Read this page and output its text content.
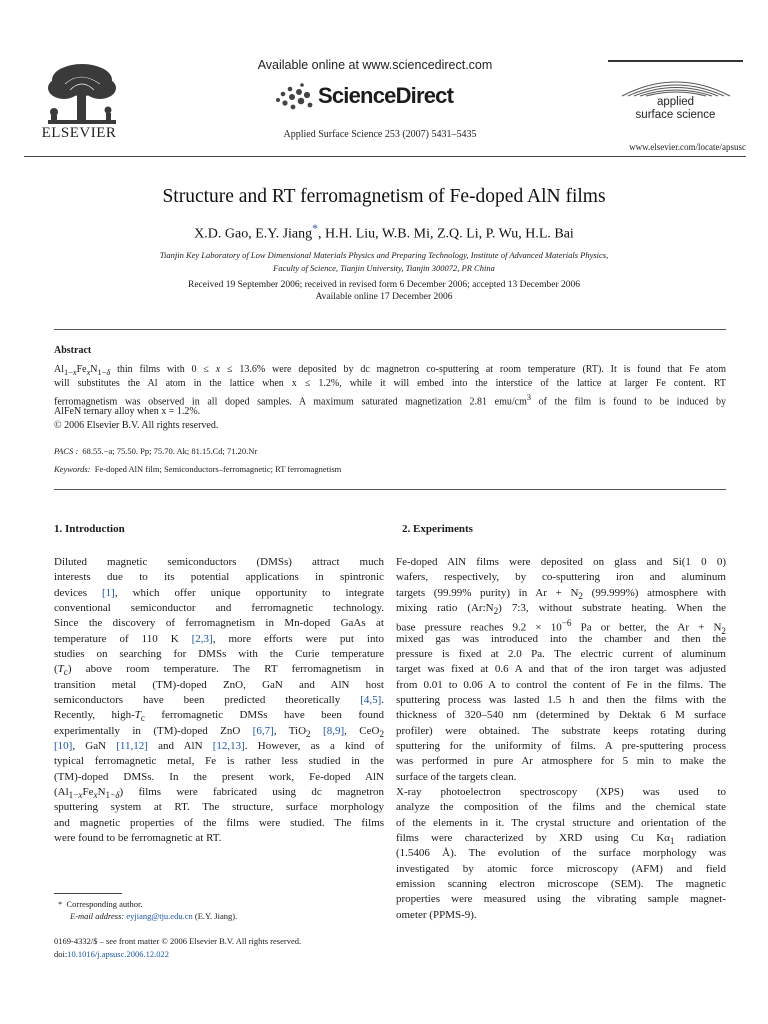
ELSEVIER
Available online at www.sciencedirect.com
ScienceDirect
Applied Surface Science 253 (2007) 5431–5435
applied
surface science
www.elsevier.com/locate/apsusc
Structure and RT ferromagnetism of Fe-doped AlN films
X.D. Gao, E.Y. Jiang*, H.H. Liu, W.B. Mi, Z.Q. Li, P. Wu, H.L. Bai
Tianjin Key Laboratory of Low Dimensional Materials Physics and Preparing Technology, Institute of Advanced Materials Physics,
Faculty of Science, Tianjin University, Tianjin 300072, PR China
Received 19 September 2006; received in revised form 6 December 2006; accepted 13 December 2006
Available online 17 December 2006
Abstract
$Al_{1-x}Fe_xN_{1-\delta}$ thin films with 0 ≤ x ≤ 13.6% were deposited by dc magnetron co-sputtering at room temperature (RT). It is found that Fe atom
will substitutes the Al atom in the lattice when x ≤ 1.2%, while it will embed into the interstice of the lattice at larger Fe content. RT
ferromagnetism was observed in all doped samples. A maximum saturated magnetization 2.81 emu/$cm^3$ of the film is found to be induced by
AlFeN ternary alloy when x = 1.2%.
© 2006 Elsevier B.V. All rights reserved.
PACS : 68.55.−a; 75.50. Pp; 75.70. Ak; 81.15.Cd; 71.20.Nr
Keywords: Fe-doped AlN film; Semiconductors–ferromagnetic; RT ferromagnetism
1. Introduction
Diluted magnetic semiconductors (DMSs) attract much
interests due to its potential applications in spintronic
devices [1], which offer unique opportunity to integrate
conventional semiconductor and ferromagnetic technology.
Since the discovery of ferromagnetism in Mn-doped GaAs at
temperature of 110 K [2,3], more efforts were put into
studies on searching for DMSs with the Curie temperature
$(T_c)$ above room temperature. The RT ferromagnetism in
transition metal (TM)-doped ZnO, GaN and AlN host
semiconductors have been predicted theoretically [4,5].
Recently, high-$T_c$ ferromagnetic DMSs have been found
experimentally in (TM)-doped ZnO [6,7], TiO$_2$ [8,9], CeO$_2$
[10], GaN [11,12] and AlN [12,13]. However, as a kind of
typical ferromagnetic metal, Fe is rather less studied in the
(TM)-doped DMSs. In the present work, Fe-doped AlN
$(Al_{1-x}Fe_xN_{1-\delta})$ films were fabricated using dc magnetron
sputtering system at RT. The structure, surface morphology
and magnetic properties of the films were studied. The films
were found to be ferromagnetic at RT.
2. Experiments
Fe-doped AlN films were deposited on glass and Si(1 0 0)
wafers, respectively, by co-sputtering iron and aluminum
targets (99.99% purity) in $Ar + N_2$ (99.999%) atmosphere with
mixing ratio $(Ar:N_2)$ 7:3, without substrate heating. When the
base pressure reaches $9.2 \times 10^{-6}$ Pa or better, the $Ar + N_2$
mixed gas was introduced into the chamber and then the
pressure is fixed at 2.0 Pa. The electric current of aluminum
target was fixed at 0.6 A and that of the iron target was adjusted
from 0.01 to 0.06 A to control the content of Fe in the films. The
sputtering process was lasted 1.5 h and then the films with the
thickness of 320–540 nm (determined by Dektak 6 M surface
profiler) were obtained. The substrate keeps rotating during
sputtering for the uniformity of films. A pre-sputtering process
was performed in pure Ar atmosphere for 5 min to make the
surface of the targets clean.
X-ray photoelectron spectroscopy (XPS) was used to
analyze the composition of the films and the chemical state
of the elements in it. The crystal structure and orientation of the
films were characterized by XRD using Cu $K\alpha_1$ radiation
(1.5406 Å). The evolution of the surface morphology was
investigated by atomic force microscopy (AFM) and field
emission scanning electron microscope (SEM). The magnetic
properties were measured using the vibrating sample magnet-
ometer (PPMS-9).
* Corresponding author.
E-mail address: eyjiang@tju.edu.cn (E.Y. Jiang).
0169-4332/$ – see front matter © 2006 Elsevier B.V. All rights reserved.
doi:10.1016/j.apsusc.2006.12.022
